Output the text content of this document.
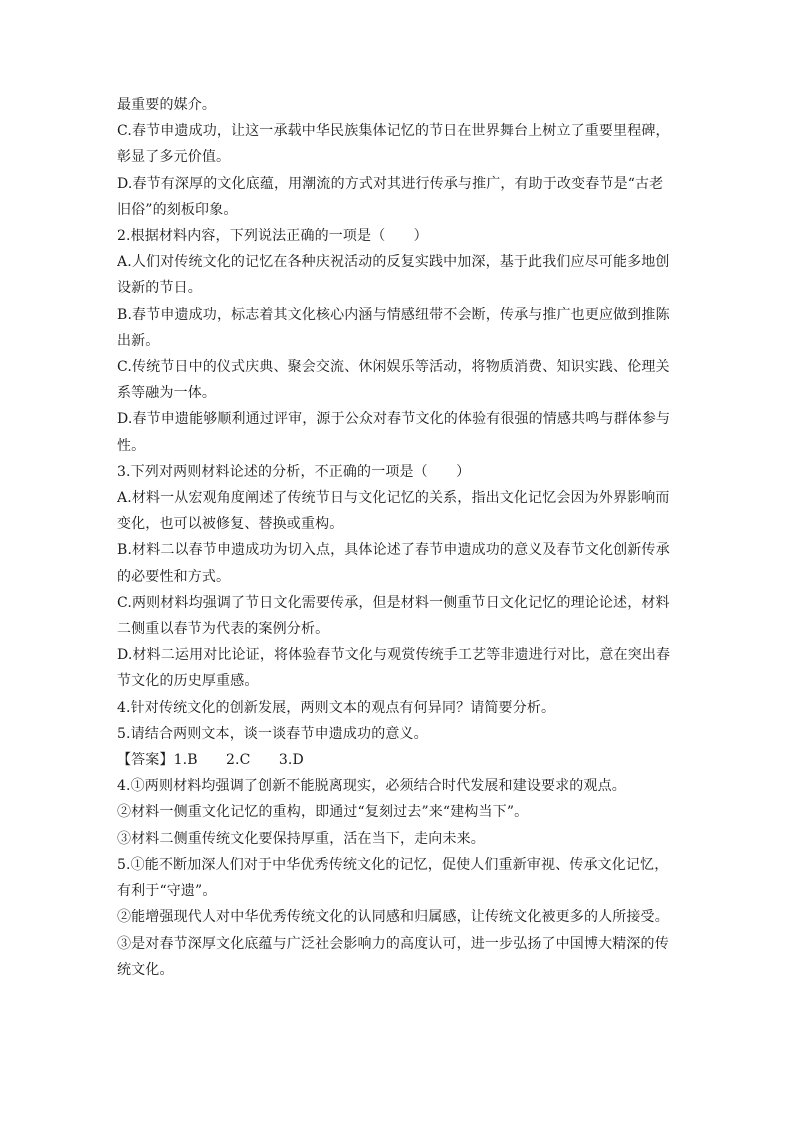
最重要的媒介。
C.春节申遗成功，让这一承载中华民族集体记忆的节日在世界舞台上树立了重要里程碑，
彰显了多元价值。
D.春节有深厚的文化底蕴，用潮流的方式对其进行传承与推广，有助于改变春节是“古老
旧俗”的刻板印象。
2.根据材料内容，下列说法正确的一项是（　　）
A.人们对传统文化的记忆在各种庆祝活动的反复实践中加深，基于此我们应尽可能多地创
设新的节日。
B.春节申遗成功，标志着其文化核心内涵与情感纽带不会断，传承与推广也更应做到推陈
出新。
C.传统节日中的仪式庆典、聚会交流、休闲娱乐等活动，将物质消费、知识实践、伦理关
系等融为一体。
D.春节申遗能够顺利通过评审，源于公众对春节文化的体验有很强的情感共鸣与群体参与
性。
3.下列对两则材料论述的分析，不正确的一项是（　　）
A.材料一从宏观角度阐述了传统节日与文化记忆的关系，指出文化记忆会因为外界影响而
变化，也可以被修复、替换或重构。
B.材料二以春节申遗成功为切入点，具体论述了春节申遗成功的意义及春节文化创新传承
的必要性和方式。
C.两则材料均强调了节日文化需要传承，但是材料一侧重节日文化记忆的理论论述，材料
二侧重以春节为代表的案例分析。
D.材料二运用对比论证，将体验春节文化与观赏传统手工艺等非遗进行对比，意在突出春
节文化的历史厚重感。
4.针对传统文化的创新发展，两则文本的观点有何异同？请简要分析。
5.请结合两则文本，谈一谈春节申遗成功的意义。
【答案】1.B　　2.C　　3.D
4.①两则材料均强调了创新不能脱离现实，必须结合时代发展和建设要求的观点。
②材料一侧重文化记忆的重构，即通过“复刻过去”来“建构当下”。
③材料二侧重传统文化要保持厚重，活在当下，走向未来。
5.①能不断加深人们对于中华优秀传统文化的记忆，促使人们重新审视、传承文化记忆，
有利于“守遗”。
②能增强现代人对中华优秀传统文化的认同感和归属感，让传统文化被更多的人所接受。
③是对春节深厚文化底蕴与广泛社会影响力的高度认可，进一步弘扬了中国博大精深的传
统文化。
